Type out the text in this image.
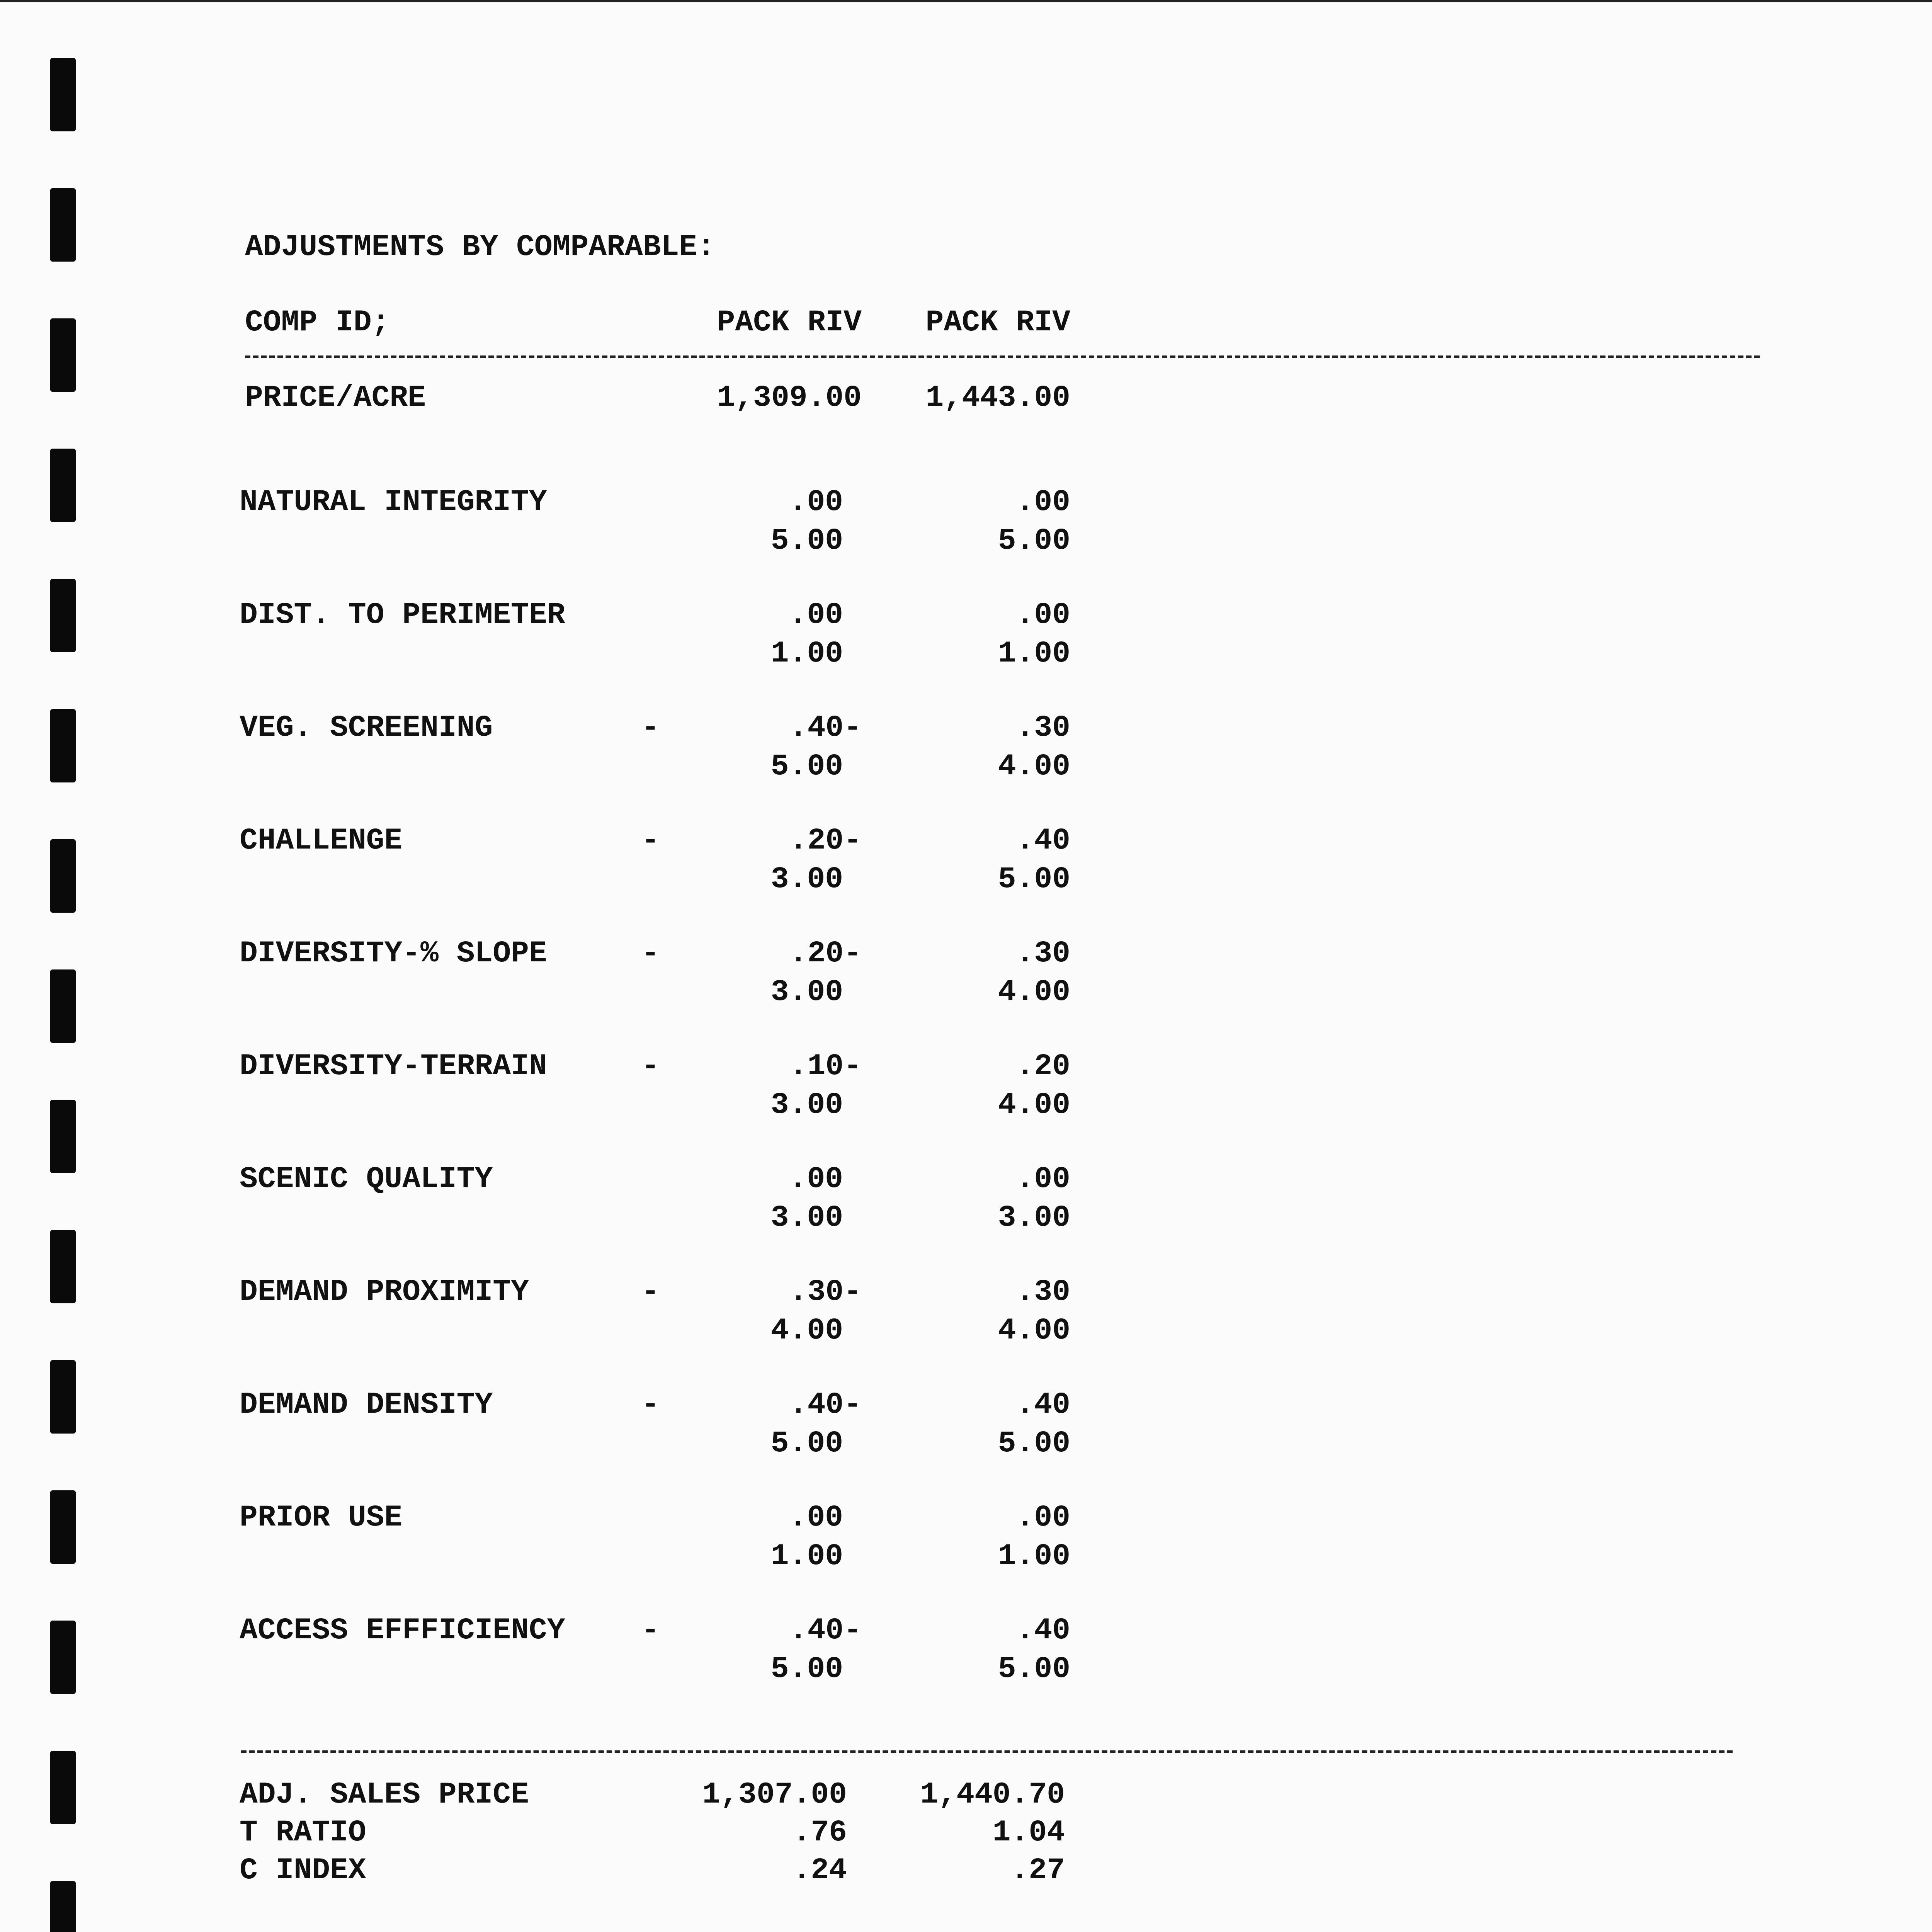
ADJUSTMENTS BY COMPARABLE:
COMP ID;	PACK RIV	PACK RIV
PRICE/ACRE	1,309.00	1,443.00
NATURAL INTEGRITY	.00	.00
5.00	5.00
DIST. TO PERIMETER	.00	.00
1.00	1.00
VEG. SCREENING	-	.40-	.30
5.00	4.00
CHALLENGE	-	.20-	.40
3.00	5.00
DIVERSITY-% SLOPE	-	.20-	.30
3.00	4.00
DIVERSITY-TERRAIN	-	.10-	.20
3.00	4.00
SCENIC QUALITY	.00	.00
3.00	3.00
DEMAND PROXIMITY	-	.30-	.30
4.00	4.00
DEMAND DENSITY	-	.40-	.40
5.00	5.00
PRIOR USE	.00	.00
1.00	1.00
ACCESS EFFFICIENCY	-	.40-	.40
5.00	5.00
ADJ. SALES PRICE	1,307.00	1,440.70
T RATIO	.76	1.04
C INDEX	.24	.27
